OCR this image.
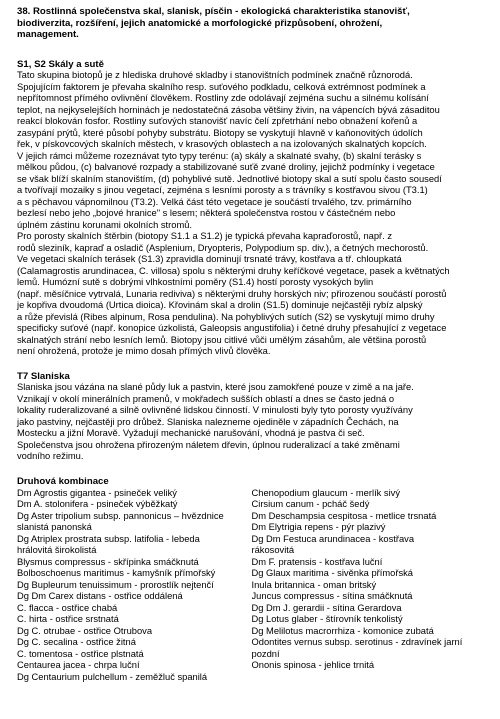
38. Rostlinná společenstva skal, slanisk, písčin - ekologická charakteristika stanovišť,
biodiverzita, rozšíření, jejich anatomické a morfologické přizpůsobení, ohrožení,
management.
S1, S2 Skály a sutě
Tato skupina biotopů je z hlediska druhové skladby i stanovištních podmínek značně různorodá.
Spojujícím faktorem je převaha skalního resp. suťového podkladu, celková extrémnost podmínek a
nepřítomnost přímého ovlivnění člověkem. Rostliny zde odolávají zejména suchu a silnému kolísání
teplot, na nejkyselejších horninách je nedostatečná zásoba většiny živin, na vápencích bývá zásaditou
reakcí blokován fosfor. Rostliny suťových stanovišť navíc čelí zpřetrhání nebo obnažení kořenů a
zasypání prýtů, které působí pohyby substrátu. Biotopy se vyskytují hlavně v kaňonovitých údolích
řek, v pískovcových skalních městech, v krasových oblastech a na izolovaných skalnatých kopcích.
V jejich rámci můžeme rozeznávat tyto typy terénu: (a) skály a skalnaté svahy, (b) skalní terásky s
mělkou půdou, (c) balvanové rozpady a stabilizované suťě zvané droliny, jejichž podmínky i vegetace
se však blíží skalním stanovištím, (d) pohyblivé sutě. Jednotlivé biotopy skal a sutí spolu často sousedí
a tvořívají mozaiky s jinou vegetací, zejména s lesními porosty a s trávníky s kostřavou sivou (T3.1)
a s pěchavou vápnomilnou (T3.2). Velká část této vegetace je součástí trvalého, tzv. primárního
bezlesí nebo jeho „bojové hranice" s lesem; některá společenstva rostou v částečném nebo
úplném zástinu korunami okolních stromů.
Pro porosty skalních štěrbin (biotopy S1.1 a S1.2) je typická převaha kapraďorostů, např. z
rodů sleziník, kapraď a osladič (Asplenium, Dryopteris, Polypodium sp. div.), a četných mechorostů.
Ve vegetaci skalních terásek (S1.3) zpravidla dominují trsnaté trávy, kostřava a tř. chloupkatá
(Calamagrostis arundinacea, C. villosa) spolu s některými druhy keříčkové vegetace, pasek a květnatých
lemů. Humózní sutě s dobrými vlhkostními poměry (S1.4) hostí porosty vysokých bylin
(např. měsíčnice vytrvalá, Lunaria rediviva) s některými druhy horských niv; přirozenou součástí porostů
je kopřiva dvoudomá (Urtica dioica). Křovinám skal a drolin (S1.5) dominuje nejčastěji rybíz alpský
a růže převislá (Ribes alpinum, Rosa pendulina). Na pohyblivých sutích (S2) se vyskytují mimo druhy
specificky suťové (např. konopice úzkolistá, Galeopsis angustifolia) i četné druhy přesahující z vegetace
skalnatých strání nebo lesních lemů. Biotopy jsou citlivé vůči umělým zásahům, ale většina porostů
není ohrožená, protože je mimo dosah přímých vlivů člověka.
T7 Slaniska
Slaniska jsou vázána na slané půdy luk a pastvin, které jsou zamokřené pouze v zimě a na jaře.
Vznikají v okolí minerálních pramenů, v mokřadech sušších oblastí a dnes se často jedná o
lokality ruderalizované a silně ovlivněné lidskou činností. V minulosti byly tyto porosty využívány
jako pastviny, nejčastěji pro drůbež. Slaniska nalezneme ojediněle v západních Čechách, na
Mostecku a jižní Moravě. Vyžadují mechanické narušování, vhodná je pastva či seč.
Společenstva jsou ohrožena přirozeným náletem dřevin, úplnou ruderalizací a také změnami
vodního režimu.
Druhová kombinace
Dm Agrostis gigantea - psineček veliký
Dm A. stolonifera - psineček výběžkatý
Dg Aster tripolium subsp. pannonicus – hvězdnice
slanistá panonská
Dg Atriplex prostrata subsp. latifolia - lebeda
hrálovitá širokolistá
Blysmus compressus - skřípinka smáčknutá
Bolboschoenus maritimus - kamyšník přímořský
Dg Bupleurum tenuissimum - prorostlík nejtenčí
Dg Dm Carex distans - ostřice oddálená
C. flacca - ostřice chabá
C. hirta - ostřice srstnatá
Dg C. otrubae - ostřice Otrubova
Dg C. secalina - ostřice žitná
C. tomentosa - ostřice plstnatá
Centaurea jacea - chrpa luční
Dg Centaurium pulchellum - zeměžluč spanilá
Chenopodium glaucum - merlík sivý
Cirsium canum - pcháč šedý
Dm Deschampsia cespitosa - metlice trsnatá
Dm Elytrigia repens - pýr plazivý
Dg Dm Festuca arundinacea - kostřava
rákosovitá
Dm F. pratensis - kostřava luční
Dg Glaux maritima - sivěnka přímořská
Inula britannica - oman britský
Juncus compressus - sítina smáčknutá
Dg Dm J. gerardii - sítina Gerardova
Dg Lotus glaber - štírovník tenkolistý
Dg Melilotus macrorrhiza - komonice zubatá
Odontites vernus subsp. serotinus - zdravínek jarní
pozdní
Ononis spinosa - jehlice trnitá
